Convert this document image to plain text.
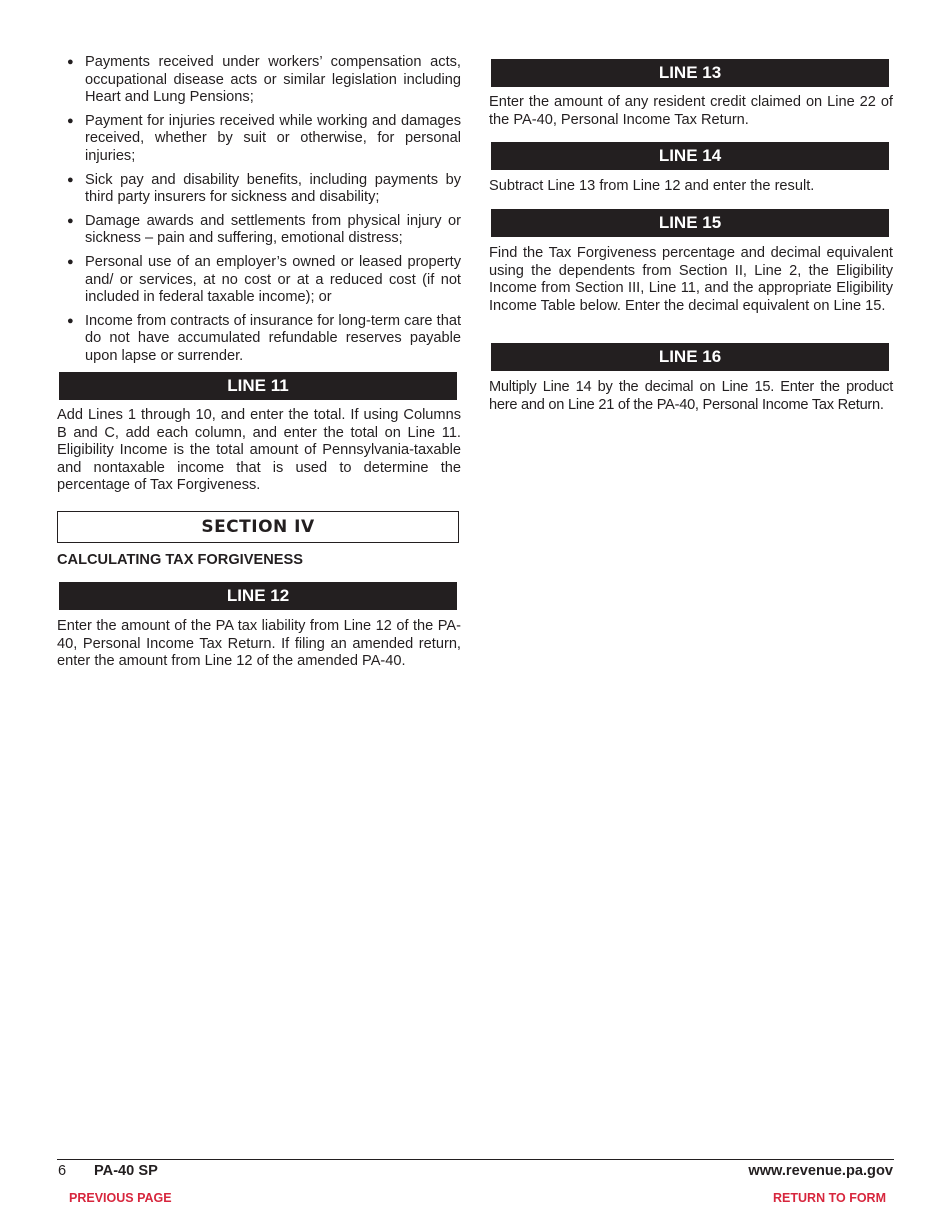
● Payments received under workers’ compensation acts, occupational disease acts or similar legislation including Heart and Lung Pensions;
● Payment for injuries received while working and damages received, whether by suit or otherwise, for personal injuries;
● Sick pay and disability benefits, including payments by third party insurers for sickness and disability;
● Damage awards and settlements from physical injury or sickness – pain and suffering, emotional distress;
● Personal use of an employer’s owned or leased property and/ or services, at no cost or at a reduced cost (if not included in federal taxable income); or
● Income from contracts of insurance for long-term care that do not have accumulated refundable reserves payable upon lapse or surrender.
LINE 11

Add Lines 1 through 10, and enter the total. If using Columns B and C, add each column, and enter the total on Line 11. Eligibility Income is the total amount of Pennsylvania-taxable and nontaxable income that is used to determine the percentage of Tax Forgiveness.

SECTION IV
CALCULATING TAX FORGIVENESS
LINE 12

Enter the amount of the PA tax liability from Line 12 of the PA-40, Personal Income Tax Return. If filing an amended return, enter the amount from Line 12 of the amended PA-40.

LINE 13

Enter the amount of any resident credit claimed on Line 22 of the PA-40, Personal Income Tax Return.

LINE 14

Subtract Line 13 from Line 12 and enter the result.

LINE 15

Find the Tax Forgiveness percentage and decimal equivalent using the dependents from Section II, Line 2, the Eligibility Income from Section III, Line 11, and the appropriate Eligibility Income Table below. Enter the decimal equivalent on Line 15.

LINE 16

Multiply Line 14 by the decimal on Line 15. Enter the product here and on Line 21 of the PA-40, Personal Income Tax Return.

6 PA-40 SP	www.revenue.pa.gov
PREVIOUS PAGE	RETURN TO FORM
